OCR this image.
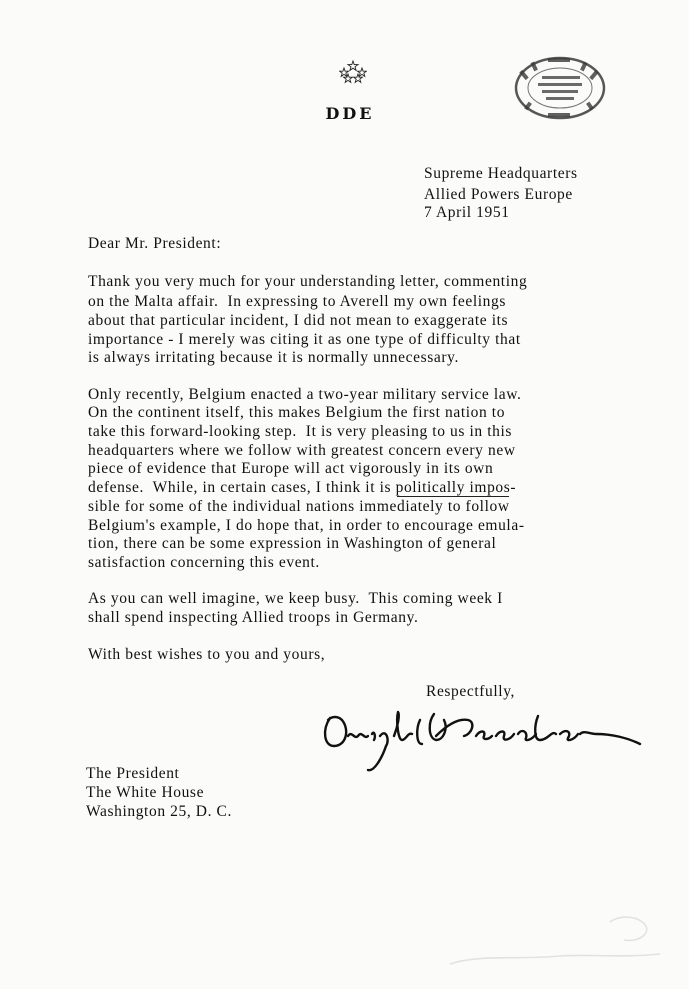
DDE
Supreme Headquarters
Allied Powers Europe
7 April 1951
Dear Mr. President:
Thank you very much for your understanding letter, commenting
on the Malta affair.  In expressing to Averell my own feelings
about that particular incident, I did not mean to exaggerate its
importance - I merely was citing it as one type of difficulty that
is always irritating because it is normally unnecessary.
Only recently, Belgium enacted a two-year military service law.
On the continent itself, this makes Belgium the first nation to
take this forward-looking step.  It is very pleasing to us in this
headquarters where we follow with greatest concern every new
piece of evidence that Europe will act vigorously in its own
defense.  While, in certain cases, I think it is politically impos-
sible for some of the individual nations immediately to follow
Belgium's example, I do hope that, in order to encourage emula-
tion, there can be some expression in Washington of general
satisfaction concerning this event.
As you can well imagine, we keep busy.  This coming week I
shall spend inspecting Allied troops in Germany.
With best wishes to you and yours,
Respectfully,
The President
The White House
Washington 25, D. C.
